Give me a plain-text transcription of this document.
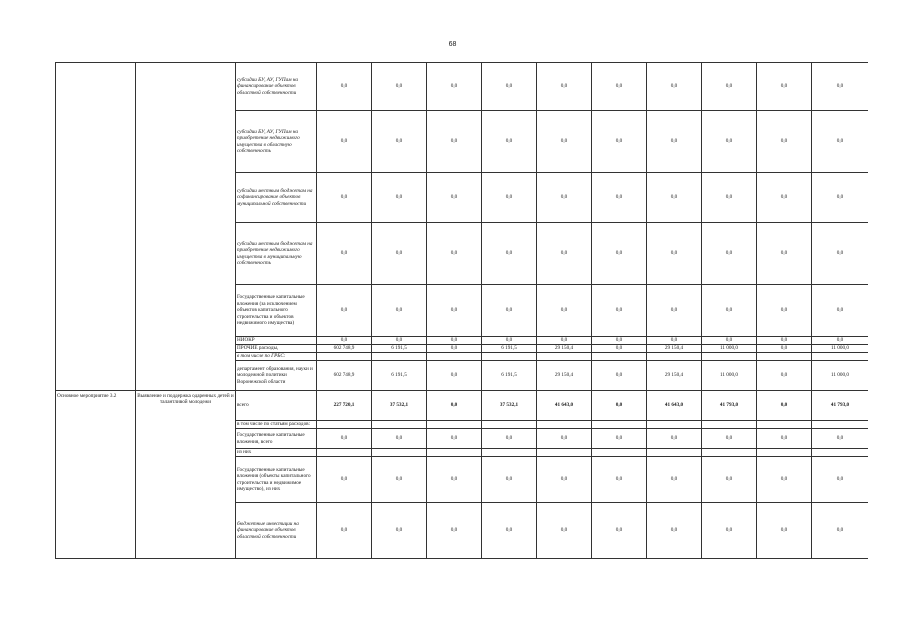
68
		субсидии БУ, АУ, ГУПам на финансирование объектов областной собственности	0,0	0,0	0,0	0,0	0,0	0,0	0,0	0,0	0,0	0,0
		субсидии БУ, АУ, ГУПам на приобретение недвижимого имущества в областную собственность	0,0	0,0	0,0	0,0	0,0	0,0	0,0	0,0	0,0	0,0
		субсидии местным бюджетам на софинансирование объектов муниципальной собственности	0,0	0,0	0,0	0,0	0,0	0,0	0,0	0,0	0,0	0,0
		субсидии местным бюджетам на приобретение недвижимого имущества в муниципальную собственность	0,0	0,0	0,0	0,0	0,0	0,0	0,0	0,0	0,0	0,0
		Государственные капитальные вложения (за исключением объектов капитального строительства и объектов недвижимого имущества)	0,0	0,0	0,0	0,0	0,0	0,0	0,0	0,0	0,0	0,0
		НИОКР	0,0	0,0	0,0	0,0	0,0	0,0	0,0	0,0	0,0	0,0
		ПРОЧИЕ расходы,	602 748,9	6 191,5	0,0	6 191,5	29 150,4	0,0	29 150,4	11 000,0	0,0	11 000,0
		в том числе по ГРБС:										
		департамент образования, науки и молодежной политики Воронежской области	602 748,9	6 191,5	0,0	6 191,5	29 150,4	0,0	29 150,4	11 000,0	0,0	11 000,0
Основное мероприятие 3.2	Выявление и поддержка одаренных детей и талантливой молодежи	всего	227 720,1	37 532,1	0,0	37 532,1	41 643,0	0,0	41 643,0	41 793,0	0,0	41 793,0
		в том числе по статьям расходов:										
		Государственные капитальные вложения, всего	0,0	0,0	0,0	0,0	0,0	0,0	0,0	0,0	0,0	0,0
		из них										
		Государственные капитальные вложения (объекты капитального строительства и недвижимое имущество), из них	0,0	0,0	0,0	0,0	0,0	0,0	0,0	0,0	0,0	0,0
		бюджетные инвестиции на финансирование объектов областной собственности	0,0	0,0	0,0	0,0	0,0	0,0	0,0	0,0	0,0	0,0
